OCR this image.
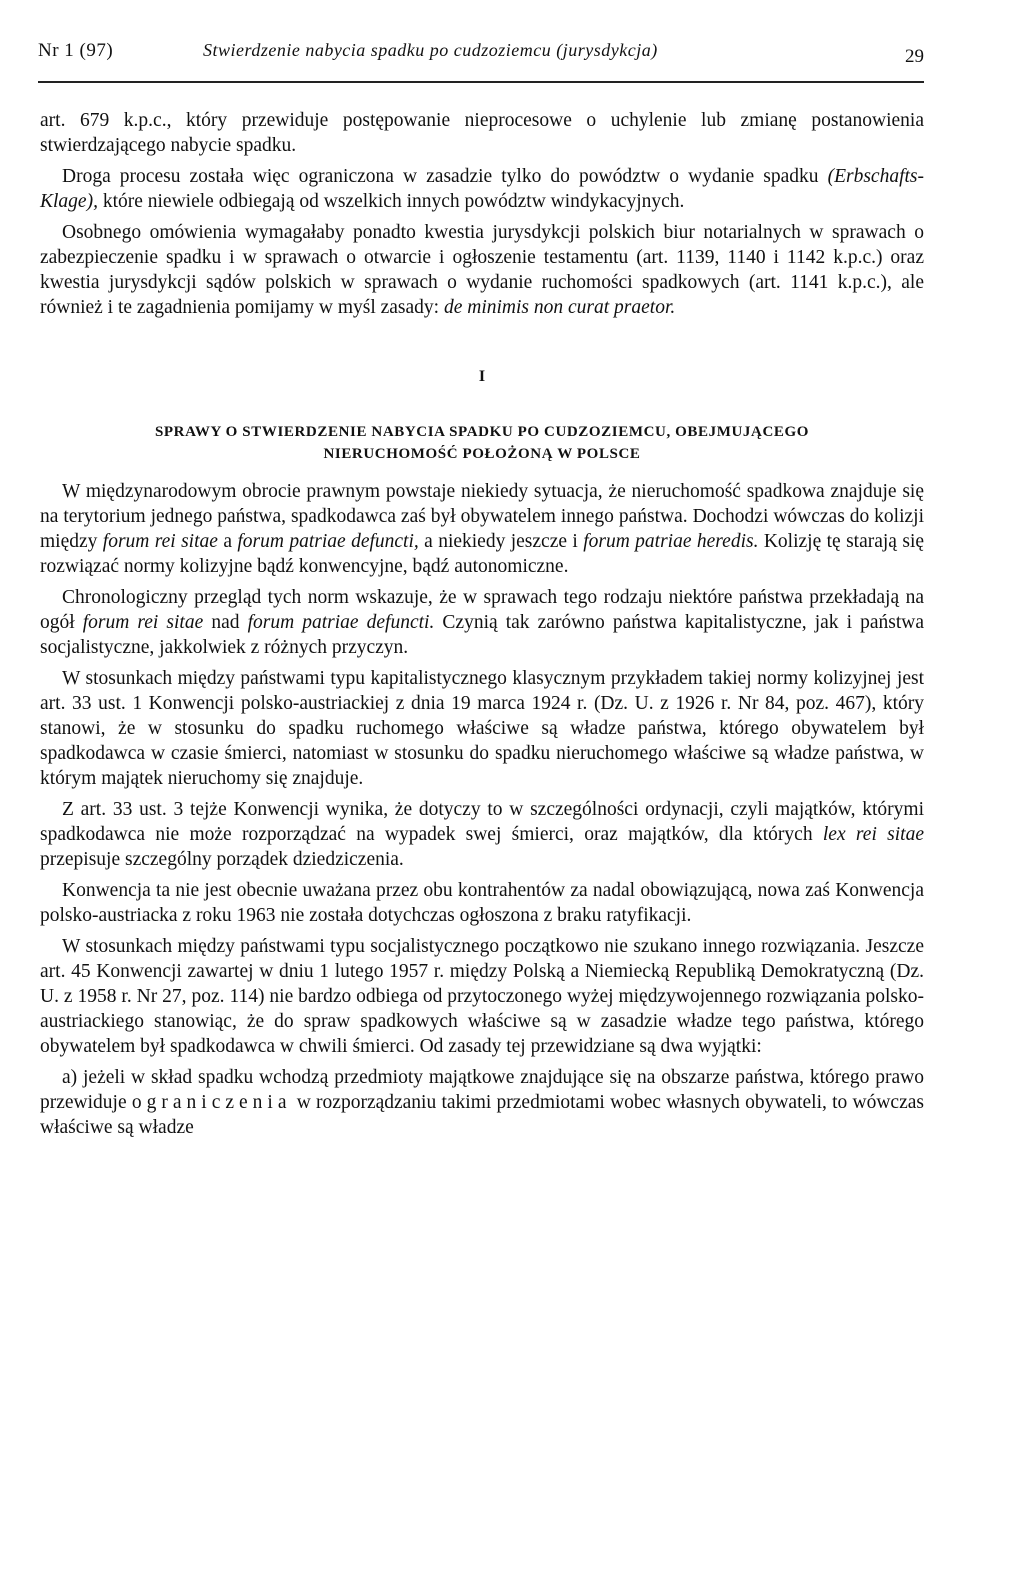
Nr 1 (97)	Stwierdzenie nabycia spadku po cudzoziemcu (jurysdykcja)	29

art. 679 k.p.c., który przewiduje postępowanie nieprocesowe o uchylenie lub zmianę postanowienia stwierdzającego nabycie spadku.

Droga procesu została więc ograniczona w zasadzie tylko do powództw o wydanie spadku (Erbschafts-Klage), które niewiele odbiegają od wszelkich innych powództw windykacyjnych.

Osobnego omówienia wymagałaby ponadto kwestia jurysdykcji polskich biur notarialnych w sprawach o zabezpieczenie spadku i w sprawach o otwarcie i ogłoszenie testamentu (art. 1139, 1140 i 1142 k.p.c.) oraz kwestia jurysdykcji sądów polskich w sprawach o wydanie ruchomości spadkowych (art. 1141 k.p.c.), ale również i te zagadnienia pomijamy w myśl zasady: de minimis non curat praetor.

I

SPRAWY O STWIERDZENIE NABYCIA SPADKU PO CUDZOZIEMCU, OBEJMUJĄCEGO
NIERUCHOMOŚĆ POŁOŻONĄ W POLSCE

W międzynarodowym obrocie prawnym powstaje niekiedy sytuacja, że nieruchomość spadkowa znajduje się na terytorium jednego państwa, spadkodawca zaś był obywatelem innego państwa. Dochodzi wówczas do kolizji między forum rei sitae a forum patriae defuncti, a niekiedy jeszcze i forum patriae heredis. Kolizję tę starają się rozwiązać normy kolizyjne bądź konwencyjne, bądź autonomiczne.

Chronologiczny przegląd tych norm wskazuje, że w sprawach tego rodzaju niektóre państwa przekładają na ogół forum rei sitae nad forum patriae defuncti. Czynią tak zarówno państwa kapitalistyczne, jak i państwa socjalistyczne, jakkolwiek z różnych przyczyn.

W stosunkach między państwami typu kapitalistycznego klasycznym przykładem takiej normy kolizyjnej jest art. 33 ust. 1 Konwencji polsko-austriackiej z dnia 19 marca 1924 r. (Dz. U. z 1926 r. Nr 84, poz. 467), który stanowi, że w stosunku do spadku ruchomego właściwe są władze państwa, którego obywatelem był spadkodawca w czasie śmierci, natomiast w stosunku do spadku nieruchomego właściwe są władze państwa, w którym majątek nieruchomy się znajduje.

Z art. 33 ust. 3 tejże Konwencji wynika, że dotyczy to w szczególności ordynacji, czyli majątków, którymi spadkodawca nie może rozporządzać na wypadek swej śmierci, oraz majątków, dla których lex rei sitae przepisuje szczególny porządek dziedziczenia.

Konwencja ta nie jest obecnie uważana przez obu kontrahentów za nadal obowiązującą, nowa zaś Konwencja polsko-austriacka z roku 1963 nie została dotychczas ogłoszona z braku ratyfikacji.

W stosunkach między państwami typu socjalistycznego początkowo nie szukano innego rozwiązania. Jeszcze art. 45 Konwencji zawartej w dniu 1 lutego 1957 r. między Polską a Niemiecką Republiką Demokratyczną (Dz. U. z 1958 r. Nr 27, poz. 114) nie bardzo odbiega od przytoczonego wyżej międzywojennego rozwiązania polsko-austriackiego stanowiąc, że do spraw spadkowych właściwe są w zasadzie władze tego państwa, którego obywatelem był spadkodawca w chwili śmierci. Od zasady tej przewidziane są dwa wyjątki:

a) jeżeli w skład spadku wchodzą przedmioty majątkowe znajdujące się na obszarze państwa, którego prawo przewiduje ograniczenia w rozporządzaniu takimi przedmiotami wobec własnych obywateli, to wówczas właściwe są władze
